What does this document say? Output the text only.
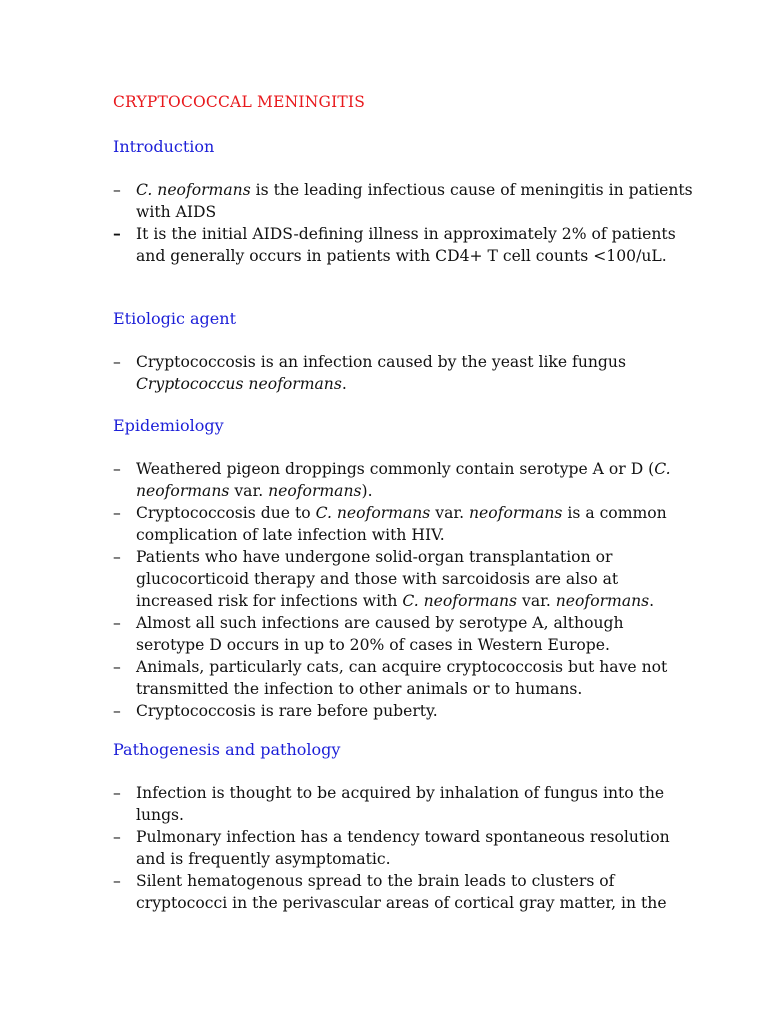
CRYPTOCOCCAL MENINGITIS
Introduction
– C. neoformans is the leading infectious cause of meningitis in patients
with AIDS
– It is the initial AIDS-defining illness in approximately 2% of patients
and generally occurs in patients with CD4+ T cell counts <100/uL.
Etiologic agent
– Cryptococcosis is an infection caused by the yeast like fungus
Cryptococcus neoformans.
Epidemiology
– Weathered pigeon droppings commonly contain serotype A or D (C.
neoformans var. neoformans).
– Cryptococcosis due to C. neoformans var. neoformans is a common
complication of late infection with HIV.
– Patients who have undergone solid-organ transplantation or
glucocorticoid therapy and those with sarcoidosis are also at
increased risk for infections with C. neoformans var. neoformans.
– Almost all such infections are caused by serotype A, although
serotype D occurs in up to 20% of cases in Western Europe.
– Animals, particularly cats, can acquire cryptococcosis but have not
transmitted the infection to other animals or to humans.
– Cryptococcosis is rare before puberty.
Pathogenesis and pathology
– Infection is thought to be acquired by inhalation of fungus into the
lungs.
– Pulmonary infection has a tendency toward spontaneous resolution
and is frequently asymptomatic.
– Silent hematogenous spread to the brain leads to clusters of
cryptococci in the perivascular areas of cortical gray matter, in the
